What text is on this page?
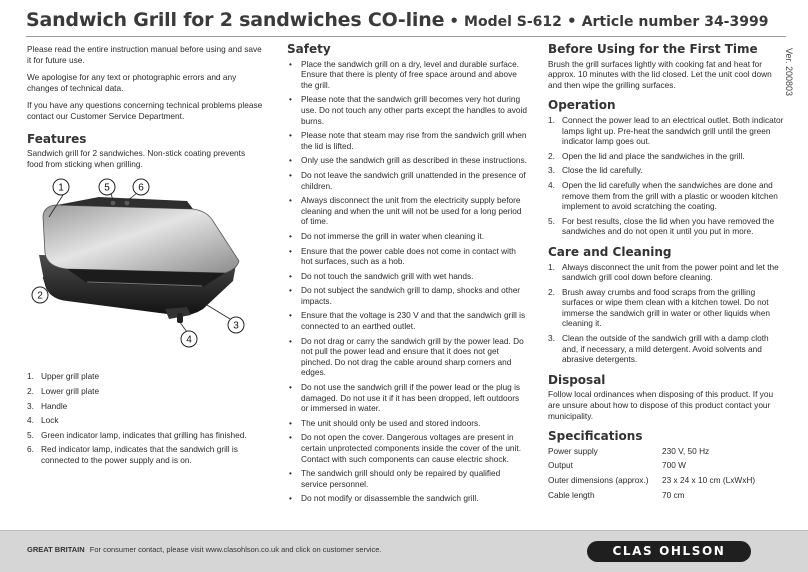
Sandwich Grill for 2 sandwiches CO-line • Model S-612 • Article number 34-3999
Ver. 200803

Please read the entire instruction manual before using and save it for future use.

We apologise for any text or photographic errors and any changes of technical data.

If you have any questions concerning technical problems please contact our Customer Service Department.

Features

Sandwich grill for 2 sandwiches. Non-stick coating prevents food from sticking when grilling.

1
2
3
4
5	6
1. Upper grill plate
2. Lower grill plate
3. Handle
4. Lock
5. Green indicator lamp, indicates that grilling has finished.
6. Red indicator lamp, indicates that the sandwich grill is connected to the power supply and is on.
Safety
• Place the sandwich grill on a dry, level and durable surface. Ensure that there is plenty of free space around and above the grill.
• Please note that the sandwich grill becomes very hot during use. Do not touch any other parts except the handles to avoid burns.
• Please note that steam may rise from the sandwich grill when the lid is lifted.
• Only use the sandwich grill as described in these instructions.
• Do not leave the sandwich grill unattended in the presence of children.
• Always disconnect the unit from the electricity supply before cleaning and when the unit will not be used for a long period of time.
• Do not immerse the grill in water when cleaning it.
• Ensure that the power cable does not come in contact with hot surfaces, such as a hob.
• Do not touch the sandwich grill with wet hands.
• Do not subject the sandwich grill to damp, shocks and other impacts.
• Ensure that the voltage is 230 V and that the sandwich grill is connected to an earthed outlet.
• Do not drag or carry the sandwich grill by the power lead. Do not pull the power lead and ensure that it does not get pinched. Do not drag the cable around sharp corners and edges.
• Do not use the sandwich grill if the power lead or the plug is damaged. Do not use it if it has been dropped, left outdoors or immersed in water.
• The unit should only be used and stored indoors.
• Do not open the cover. Dangerous voltages are present in certain unprotected components inside the cover of the unit. Contact with such components can cause electric shock.
• The sandwich grill should only be repaired by qualified service personnel.
• Do not modify or disassemble the sandwich grill.
Before Using for the First Time

Brush the grill surfaces lightly with cooking fat and heat for approx. 10 minutes with the lid closed. Let the unit cool down and then wipe the grilling surfaces.

Operation
1. Connect the power lead to an electrical outlet. Both indicator lamps light up. Pre-heat the sandwich grill until the green indicator lamp goes out.
2. Open the lid and place the sandwiches in the grill.
3. Close the lid carefully.
4. Open the lid carefully when the sandwiches are done and remove them from the grill with a plastic or wooden kitchen implement to avoid scratching the coating.
5. For best results, close the lid when you have removed the sandwiches and do not open it until you put in more.
Care and Cleaning
1. Always disconnect the unit from the power point and let the sandwich grill cool down before cleaning.
2. Brush away crumbs and food scraps from the grilling surfaces or wipe them clean with a kitchen towel. Do not immerse the sandwich grill in water or other liquids when cleaning it.
3. Clean the outside of the sandwich grill with a damp cloth and, if necessary, a mild detergent. Avoid solvents and abrasive detergents.
Disposal

Follow local ordinances when disposing of this product. If you are unsure about how to dispose of this product contact your municipality.

Specifications
Power supply	230 V, 50 Hz
Output	700 W
Outer dimensions (approx.)	23 x 24 x 10 cm (LxWxH)
Cable length	70 cm
GREAT BRITAIN For consumer contact, please visit www.clasohlson.co.uk and click on customer service.	CLAS OHLSON
